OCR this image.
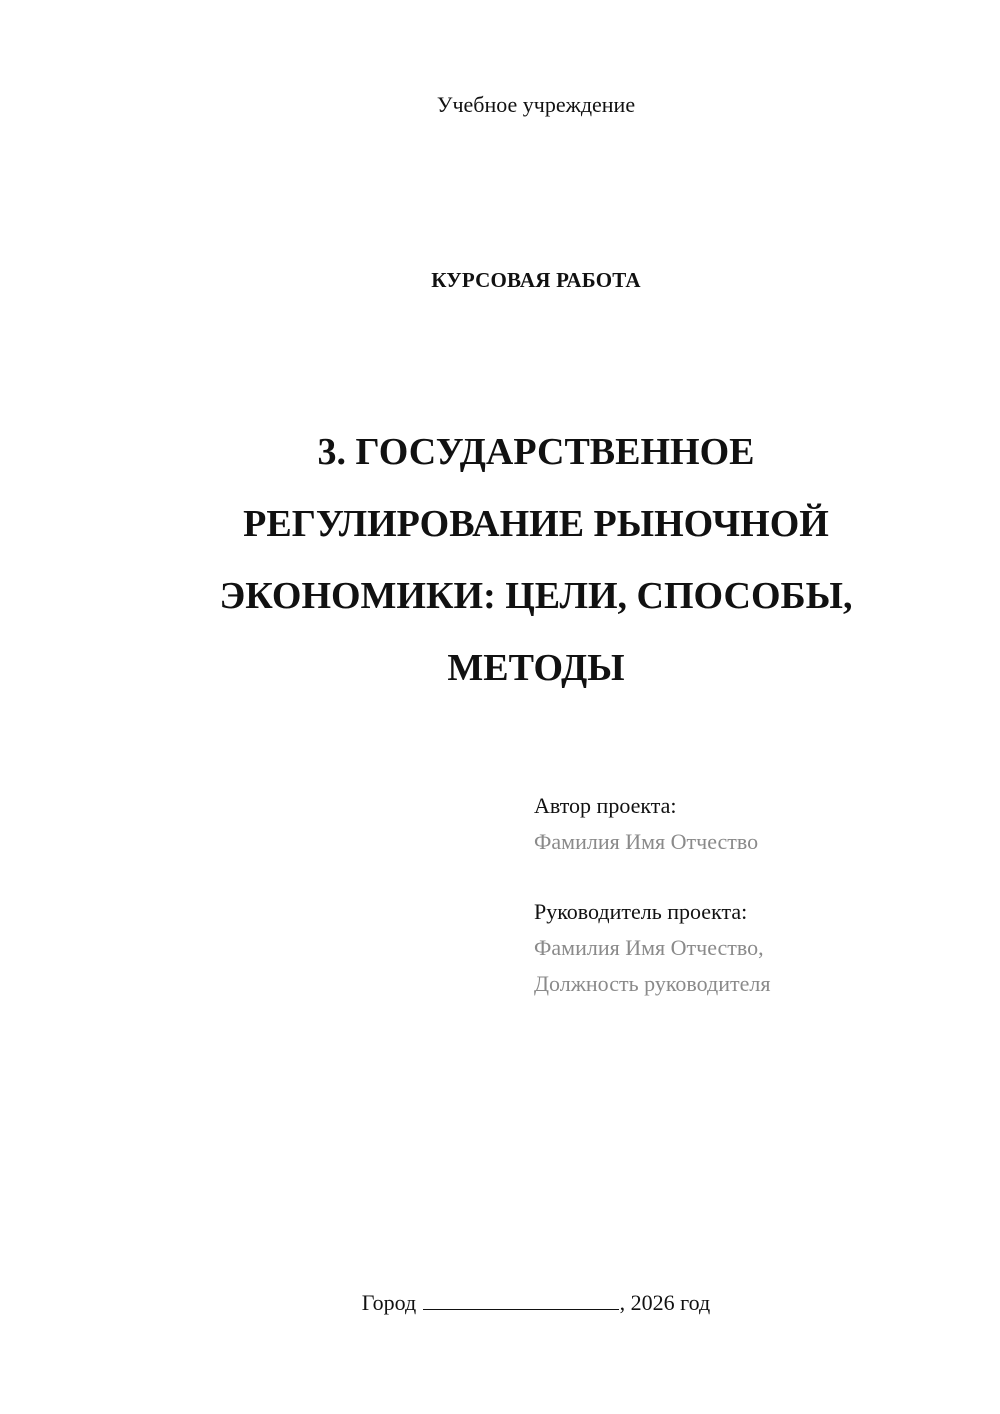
Учебное учреждение
КУРСОВАЯ РАБОТА

3. ГОСУДАРСТВЕННОЕ

РЕГУЛИРОВАНИЕ РЫНОЧНОЙ

ЭКОНОМИКИ: ЦЕЛИ, СПОСОБЫ,

МЕТОДЫ

Автор проекта:
Фамилия Имя Отчество
Руководитель проекта:
Фамилия Имя Отчество,
Должность руководителя
Город	, 2026 год
